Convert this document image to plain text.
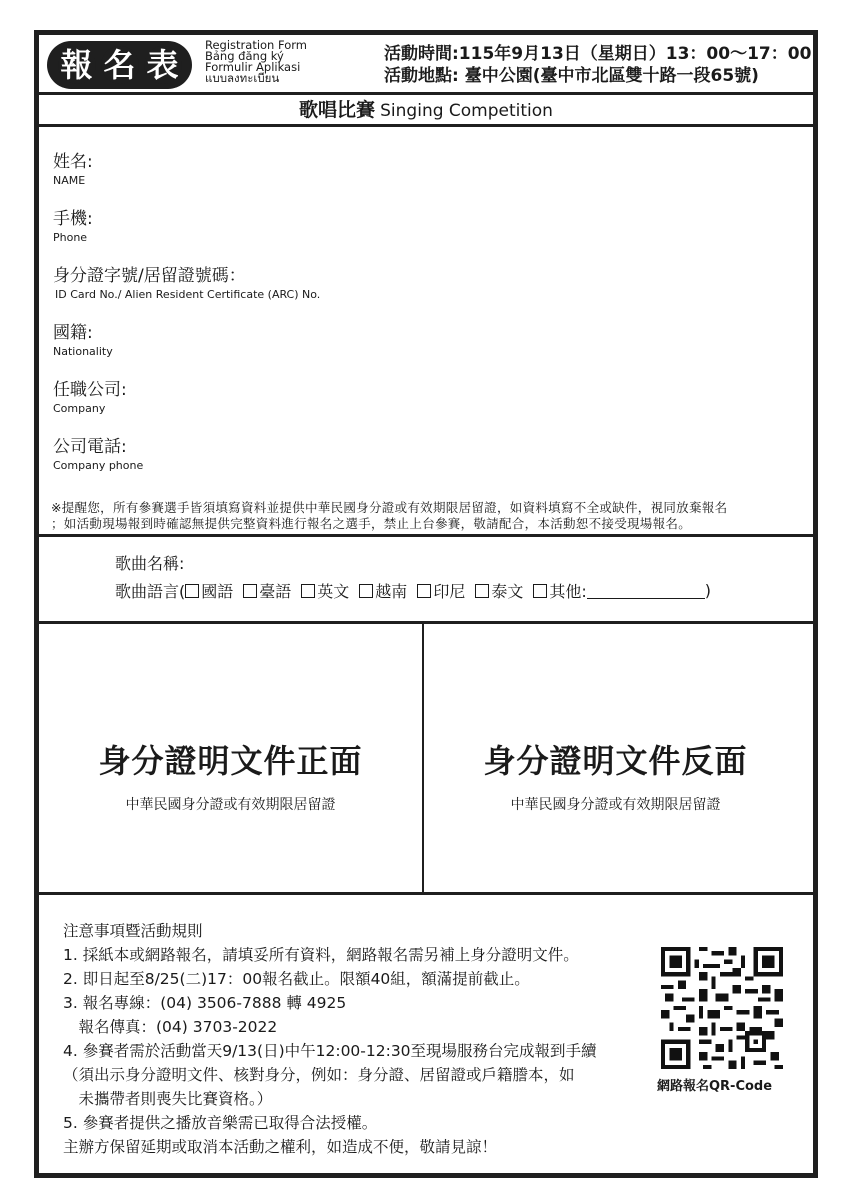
報 名 表
Registration Form
Bảng đăng ký
Formulir Aplikasi
แบบลงทะเบียน
活動時間:115年9月13日（星期日）13：00～17：00
活動地點: 臺中公園(臺中市北區雙十路一段65號)
歌唱比賽 Singing Competition
姓名:
NAME
手機:
Phone
身分證字號/居留證號碼：
ID Card No./ Alien Resident Certificate (ARC) No.
國籍:
Nationality
任職公司:
Company
公司電話:
Company phone
※提醒您，所有參賽選手皆須填寫資料並提供中華民國身分證或有效期限居留證，如資料填寫不全或缺件，視同放棄報名
；如活動現場報到時確認無提供完整資料進行報名之選手，禁止上台參賽，敬請配合，本活動恕不接受現場報名。
歌曲名稱:
歌曲語言( 國語 臺語 英文 越南 印尼 泰文 其他:	)
身分證明文件正面
中華民國身分證或有效期限居留證
身分證明文件反面
中華民國身分證或有效期限居留證
注意事項暨活動規則
1. 採紙本或網路報名，請填妥所有資料，網路報名需另補上身分證明文件。
2. 即日起至8/25(二)17：00報名截止。限額40組，額滿提前截止。
3. 報名專線：(04) 3506-7888 轉 4925
　報名傳真：(04) 3703-2022
4. 參賽者需於活動當天9/13(日)中午12:00-12:30至現場服務台完成報到手續
（須出示身分證明文件、核對身分，例如：身分證、居留證或戶籍謄本，如
　未攜帶者則喪失比賽資格。）
5. 參賽者提供之播放音樂需已取得合法授權。
主辦方保留延期或取消本活動之權利，如造成不便，敬請見諒！
網路報名QR-Code
